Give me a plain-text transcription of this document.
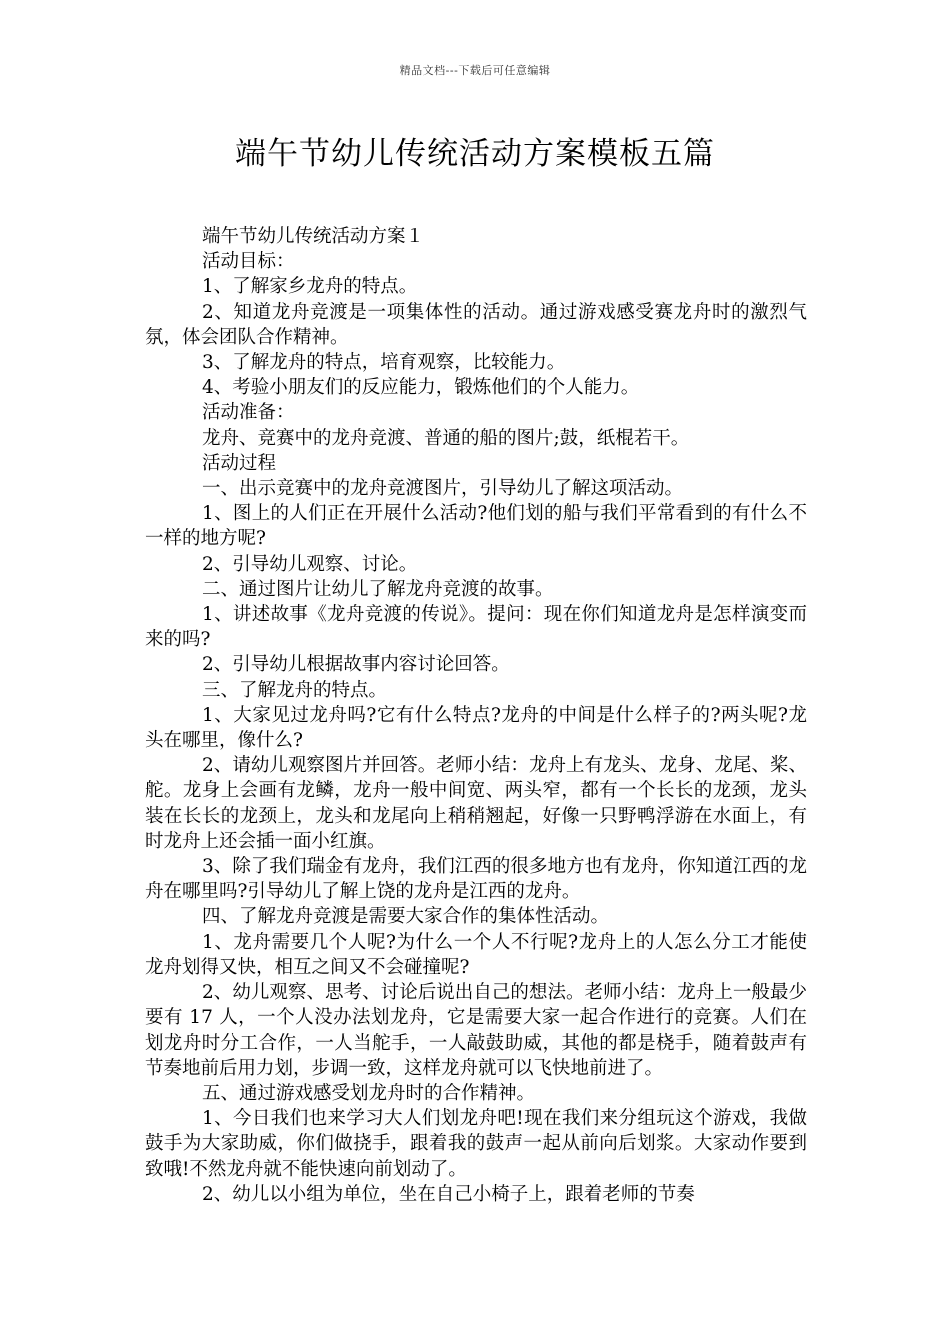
精品文档---下载后可任意编辑
端午节幼儿传统活动方案模板五篇

端午节幼儿传统活动方案１

活动目标：

1、了解家乡龙舟的特点。

2、知道龙舟竞渡是一项集体性的活动。通过游戏感受赛龙舟时的激烈气氛，体会团队合作精神。

3、了解龙舟的特点，培育观察，比较能力。

4、考验小朋友们的反应能力，锻炼他们的个人能力。

活动准备：

龙舟、竞赛中的龙舟竞渡、普通的船的图片;鼓，纸棍若干。

活动过程

一、出示竞赛中的龙舟竞渡图片，引导幼儿了解这项活动。

1、图上的人们正在开展什么活动?他们划的船与我们平常看到的有什么不一样的地方呢?

2、引导幼儿观察、讨论。

二、通过图片让幼儿了解龙舟竞渡的故事。

1、讲述故事《龙舟竞渡的传说》。提问：现在你们知道龙舟是怎样演变而来的吗?

2、引导幼儿根据故事内容讨论回答。

三、了解龙舟的特点。

1、大家见过龙舟吗?它有什么特点?龙舟的中间是什么样子的?两头呢?龙头在哪里，像什么?

2、请幼儿观察图片并回答。老师小结：龙舟上有龙头、龙身、龙尾、桨、舵。龙身上会画有龙鳞，龙舟一般中间宽、两头窄，都有一个长长的龙颈，龙头装在长长的龙颈上，龙头和龙尾向上稍稍翘起，好像一只野鸭浮游在水面上，有时龙舟上还会插一面小红旗。

3、除了我们瑞金有龙舟，我们江西的很多地方也有龙舟，你知道江西的龙舟在哪里吗?引导幼儿了解上饶的龙舟是江西的龙舟。

四、了解龙舟竞渡是需要大家合作的集体性活动。

1、龙舟需要几个人呢?为什么一个人不行呢?龙舟上的人怎么分工才能使龙舟划得又快，相互之间又不会碰撞呢?

2、幼儿观察、思考、讨论后说出自己的想法。老师小结：龙舟上一般最少要有 17 人，一个人没办法划龙舟，它是需要大家一起合作进行的竞赛。人们在划龙舟时分工合作，一人当舵手，一人敲鼓助威，其他的都是桡手，随着鼓声有节奏地前后用力划，步调一致，这样龙舟就可以飞快地前进了。

五、通过游戏感受划龙舟时的合作精神。

1、今日我们也来学习大人们划龙舟吧!现在我们来分组玩这个游戏，我做鼓手为大家助威，你们做挠手，跟着我的鼓声一起从前向后划浆。大家动作要到致哦!不然龙舟就不能快速向前划动了。

2、幼儿以小组为单位，坐在自己小椅子上，跟着老师的节奏
